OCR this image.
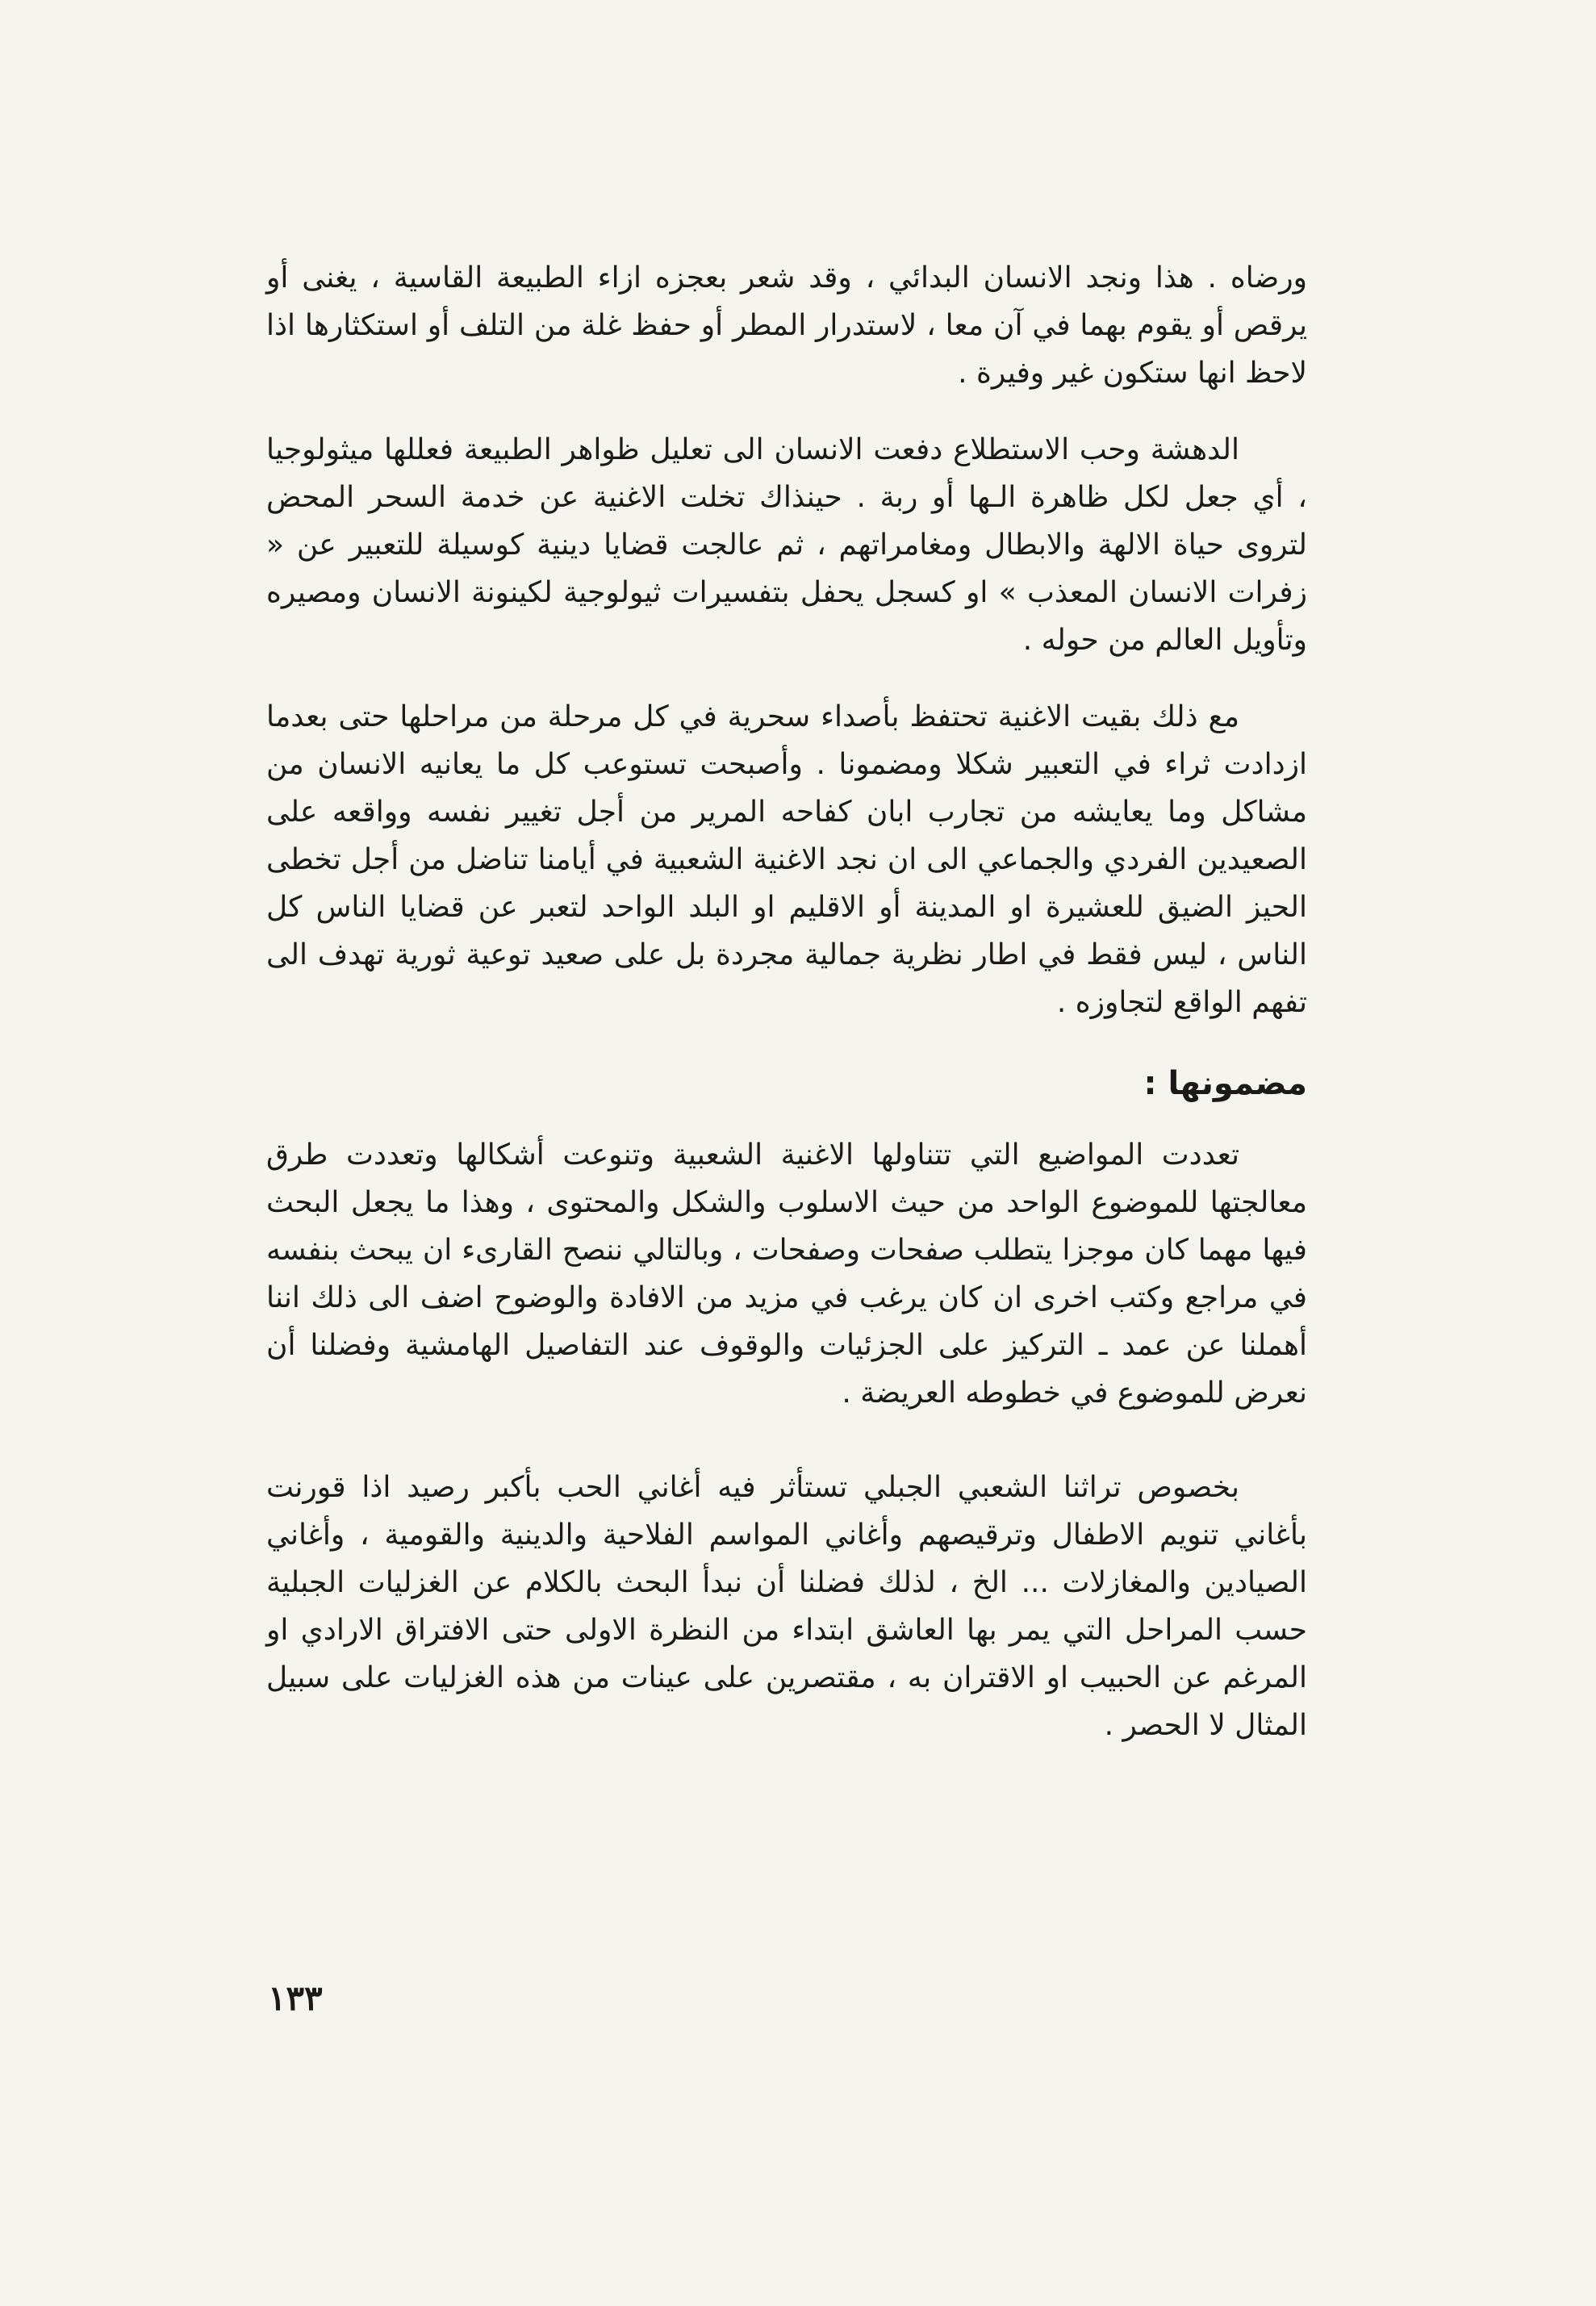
ورضاه . هذا ونجد الانسان البدائي ، وقد شعر بعجزه ازاء الطبيعة القاسية ، يغنى أو يرقص أو يقوم بهما في آن معا ، لاستدرار المطر أو حفظ غلة من التلف أو استكثارها اذا لاحظ انها ستكون غير وفيرة .

الدهشة وحب الاستطلاع دفعت الانسان الى تعليل ظواهر الطبيعة فعللها ميثولوجيا ، أي جعل لكل ظاهرة الـها أو ربة . حينذاك تخلت الاغنية عن خدمة السحر المحض لتروى حياة الالهة والابطال ومغامراتهم ، ثم عالجت قضايا دينية كوسيلة للتعبير عن « زفرات الانسان المعذب » او كسجل يحفل بتفسيرات ثيولوجية لكينونة الانسان ومصيره وتأويل العالم من حوله .

مع ذلك بقيت الاغنية تحتفظ بأصداء سحرية في كل مرحلة من مراحلها حتى بعدما ازدادت ثراء في التعبير شكلا ومضمونا . وأصبحت تستوعب كل ما يعانيه الانسان من مشاكل وما يعايشه من تجارب ابان كفاحه المرير من أجل تغيير نفسه وواقعه على الصعيدين الفردي والجماعي الى ان نجد الاغنية الشعبية في أيامنا تناضل من أجل تخطى الحيز الضيق للعشيرة او المدينة أو الاقليم او البلد الواحد لتعبر عن قضايا الناس كل الناس ، ليس فقط في اطار نظرية جمالية مجردة بل على صعيد توعية ثورية تهدف الى تفهم الواقع لتجاوزه .

مضمونها :

تعددت المواضيع التي تتناولها الاغنية الشعبية وتنوعت أشكالها وتعددت طرق معالجتها للموضوع الواحد من حيث الاسلوب والشكل والمحتوى ، وهذا ما يجعل البحث فيها مهما كان موجزا يتطلب صفحات وصفحات ، وبالتالي ننصح القارىء ان يبحث بنفسه في مراجع وكتب اخرى ان كان يرغب في مزيد من الافادة والوضوح اضف الى ذلك اننا أهملنا عن عمد ـ التركيز على الجزئيات والوقوف عند التفاصيل الهامشية وفضلنا أن نعرض للموضوع في خطوطه العريضة .

بخصوص تراثنا الشعبي الجبلي تستأثر فيه أغاني الحب بأكبر رصيد اذا قورنت بأغاني تنويم الاطفال وترقيصهم وأغاني المواسم الفلاحية والدينية والقومية ، وأغاني الصيادين والمغازلات ... الخ ، لذلك فضلنا أن نبدأ البحث بالكلام عن الغزليات الجبلية حسب المراحل التي يمر بها العاشق ابتداء من النظرة الاولى حتى الافتراق الارادي او المرغم عن الحبيب او الاقتران به ، مقتصرين على عينات من هذه الغزليات على سبيل المثال لا الحصر .

١٣٣
